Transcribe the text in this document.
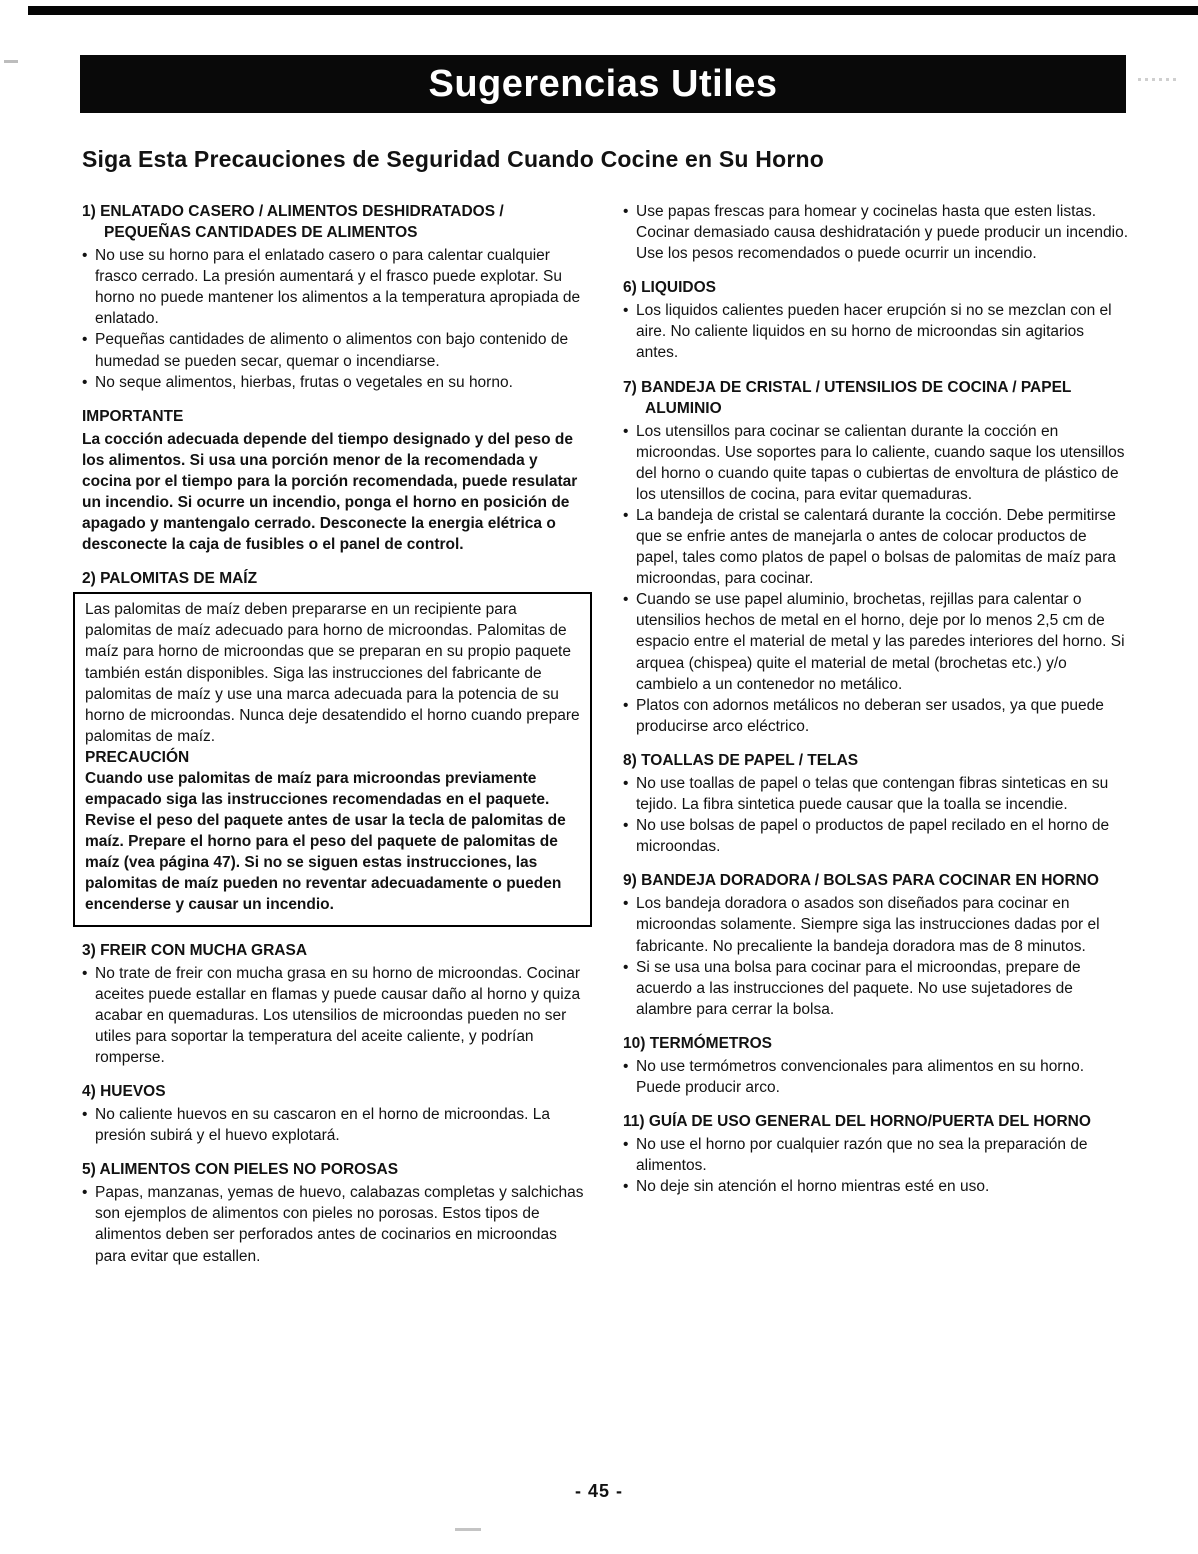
Sugerencias Utiles
Siga Esta Precauciones de Seguridad Cuando Cocine en Su Horno
1) ENLATADO CASERO / ALIMENTOS DESHIDRATADOS / PEQUEÑAS CANTIDADES DE ALIMENTOS
• No use su horno para el enlatado casero o para calentar cualquier frasco cerrado. La presión aumentará y el frasco puede explotar. Su horno no puede mantener los alimentos a la temperatura apropiada de enlatado.
• Pequeñas cantidades de alimento o alimentos con bajo contenido de humedad se pueden secar, quemar o incendiarse.
• No seque alimentos, hierbas, frutas o vegetales en su horno.
IMPORTANTE
La cocción adecuada depende del tiempo designado y del peso de los alimentos. Si usa una porción menor de la recomendada y cocina por el tiempo para la porción recomendada, puede resulatar un incendio. Si ocurre un incendio, ponga el horno en posición de apagado y mantengalo cerrado. Desconecte la energia elétrica o desconecte la caja de fusibles o el panel de control.
2) PALOMITAS DE MAÍZ
Las palomitas de maíz deben prepararse en un recipiente para palomitas de maíz adecuado para horno de microondas. Palomitas de maíz para horno de microondas que se preparan en su propio paquete también están disponibles. Siga las instrucciones del fabricante de palomitas de maíz y use una marca adecuada para la potencia de su horno de microondas. Nunca deje desatendido el horno cuando prepare palomitas de maíz.
PRECAUCIÓN
Cuando use palomitas de maíz para microondas previamente empacado siga las instrucciones recomendadas en el paquete. Revise el peso del paquete antes de usar la tecla de palomitas de maíz. Prepare el horno para el peso del paquete de palomitas de maíz (vea página 47). Si no se siguen estas instrucciones, las palomitas de maíz pueden no reventar adecuadamente o pueden encenderse y causar un incendio.
3) FREIR CON MUCHA GRASA
• No trate de freir con mucha grasa en su horno de microondas. Cocinar aceites puede estallar en flamas y puede causar daño al horno y quiza acabar en quemaduras. Los utensilios de microondas pueden no ser utiles para soportar la temperatura del aceite caliente, y podrían romperse.
4) HUEVOS
• No caliente huevos en su cascaron en el horno de microondas. La presión subirá y el huevo explotará.
5) ALIMENTOS CON PIELES NO POROSAS
• Papas, manzanas, yemas de huevo, calabazas completas y salchichas son ejemplos de alimentos con pieles no porosas. Estos tipos de alimentos deben ser perforados antes de cocinarios en microondas para evitar que estallen.
• Use papas frescas para homear y cocinelas hasta que esten listas. Cocinar demasiado causa deshidratación y puede producir un incendio. Use los pesos recomendados o puede ocurrir un incendio.
6) LIQUIDOS
• Los liquidos calientes pueden hacer erupción si no se mezclan con el aire. No caliente liquidos en su horno de microondas sin agitarios antes.
7) BANDEJA DE CRISTAL / UTENSILIOS DE COCINA / PAPEL ALUMINIO
• Los utensillos para cocinar se calientan durante la cocción en microondas. Use soportes para lo caliente, cuando saque los utensillos del horno o cuando quite tapas o cubiertas de envoltura de plástico de los utensillos de cocina, para evitar quemaduras.
• La bandeja de cristal se calentará durante la cocción. Debe permitirse que se enfrie antes de manejarla o antes de colocar productos de papel, tales como platos de papel o bolsas de palomitas de maíz para microondas, para cocinar.
• Cuando se use papel aluminio, brochetas, rejillas para calentar o utensilios hechos de metal en el horno, deje por lo menos 2,5 cm de espacio entre el material de metal y las paredes interiores del horno. Si arquea (chispea) quite el material de metal (brochetas etc.) y/o cambielo a un contenedor no metálico.
• Platos con adornos metálicos no deberan ser usados, ya que puede producirse arco eléctrico.
8) TOALLAS DE PAPEL / TELAS
• No use toallas de papel o telas que contengan fibras sinteticas en su tejido. La fibra sintetica puede causar que la toalla se incendie.
• No use bolsas de papel o productos de papel recilado en el horno de microondas.
9) BANDEJA DORADORA / BOLSAS PARA COCINAR EN HORNO
• Los bandeja doradora o asados son diseñados para cocinar en microondas solamente. Siempre siga las instrucciones dadas por el fabricante. No precaliente la bandeja doradora mas de 8 minutos.
• Si se usa una bolsa para cocinar para el microondas, prepare de acuerdo a las instrucciones del paquete. No use sujetadores de alambre para cerrar la bolsa.
10) TERMÓMETROS
• No use termómetros convencionales para alimentos en su horno. Puede producir arco.
11) GUÍA DE USO GENERAL DEL HORNO/PUERTA DEL HORNO
• No use el horno por cualquier razón que no sea la preparación de alimentos.
• No deje sin atención el horno mientras esté en uso.
- 45 -
